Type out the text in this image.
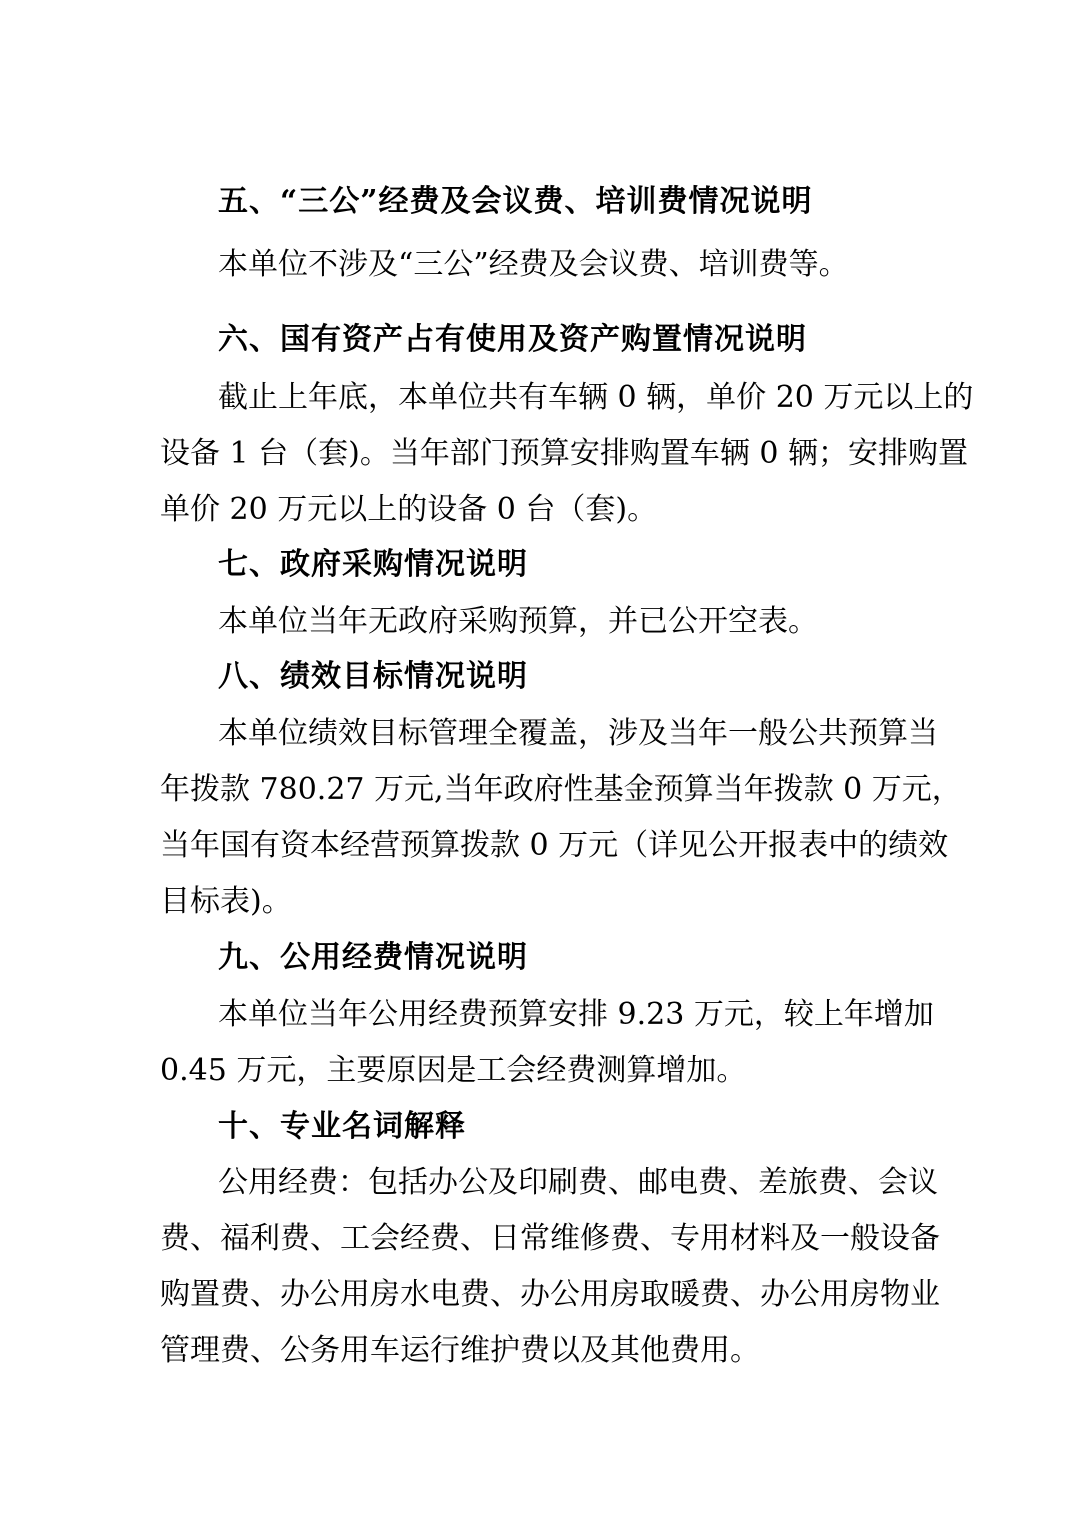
五、“三公”经费及会议费、培训费情况说明
本单位不涉及“三公”经费及会议费、培训费等。
六、国有资产占有使用及资产购置情况说明
截止上年底，本单位共有车辆 0 辆，单价 20 万元以上的
设备 1 台（套)。当年部门预算安排购置车辆 0 辆；安排购置
单价 20 万元以上的设备 0 台（套)。
七、政府采购情况说明
本单位当年无政府采购预算，并已公开空表。
八、绩效目标情况说明
本单位绩效目标管理全覆盖，涉及当年一般公共预算当
年拨款 780.27 万元,当年政府性基金预算当年拨款 0 万元，
当年国有资本经营预算拨款 0 万元（详见公开报表中的绩效
目标表)。
九、公用经费情况说明
本单位当年公用经费预算安排 9.23 万元，较上年增加
0.45 万元，主要原因是工会经费测算增加。
十、专业名词解释
公用经费：包括办公及印刷费、邮电费、差旅费、会议
费、福利费、工会经费、日常维修费、专用材料及一般设备
购置费、办公用房水电费、办公用房取暖费、办公用房物业
管理费、公务用车运行维护费以及其他费用。
